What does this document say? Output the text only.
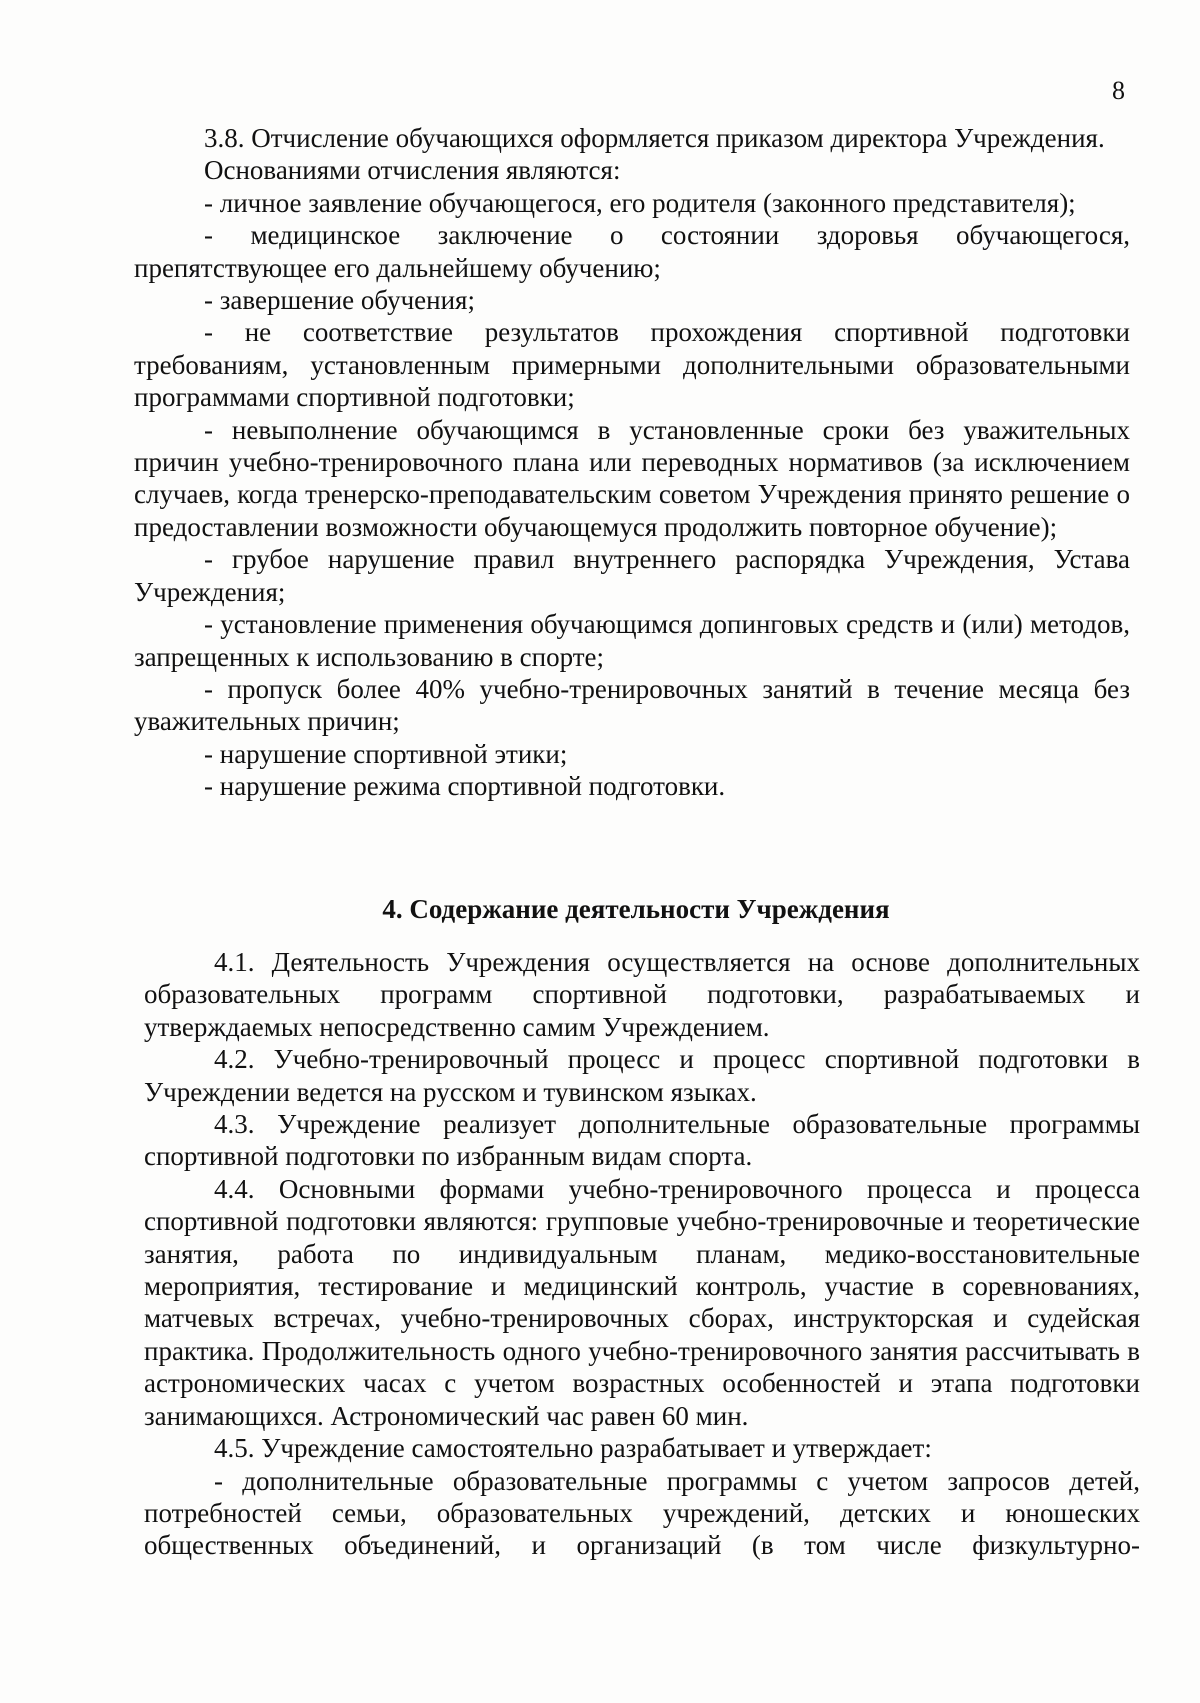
8

3.8. Отчисление обучающихся оформляется приказом директора Учреждения.

Основаниями отчисления являются:

- личное заявление обучающегося, его родителя (законного представителя);

- медицинское заключение о состоянии здоровья обучающегося, препятствующее его дальнейшему обучению;

- завершение обучения;

- не соответствие результатов прохождения спортивной подготовки требованиям, установленным примерными дополнительными образовательными программами спортивной подготовки;

- невыполнение обучающимся в установленные сроки без уважительных причин учебно-тренировочного плана или переводных нормативов (за исключением случаев, когда тренерско-преподавательским советом Учреждения принято решение о предоставлении возможности обучающемуся продолжить повторное обучение);

- грубое нарушение правил внутреннего распорядка Учреждения, Устава Учреждения;

- установление применения обучающимся допинговых средств и (или) методов, запрещенных к использованию в спорте;

- пропуск более 40% учебно-тренировочных занятий в течение месяца без уважительных причин;

- нарушение спортивной этики;

- нарушение режима спортивной подготовки.

4. Содержание деятельности Учреждения

4.1. Деятельность Учреждения осуществляется на основе дополнительных образовательных программ спортивной подготовки, разрабатываемых и утверждаемых непосредственно самим Учреждением.

4.2. Учебно-тренировочный процесс и процесс спортивной подготовки в Учреждении ведется на русском и тувинском языках.

4.3. Учреждение реализует дополнительные образовательные программы спортивной подготовки по избранным видам спорта.

4.4. Основными формами учебно-тренировочного процесса и процесса спортивной подготовки являются: групповые учебно-тренировочные и теоретические занятия, работа по индивидуальным планам, медико-восстановительные мероприятия, тестирование и медицинский контроль, участие в соревнованиях, матчевых встречах, учебно-тренировочных сборах, инструкторская и судейская практика. Продолжительность одного учебно-тренировочного занятия рассчитывать в астрономических часах с учетом возрастных особенностей и этапа подготовки занимающихся. Астрономический час равен 60 мин.

4.5. Учреждение самостоятельно разрабатывает и утверждает:

- дополнительные образовательные программы с учетом запросов детей, потребностей семьи, образовательных учреждений, детских и юношеских общественных объединений, и организаций (в том числе физкультурно-
